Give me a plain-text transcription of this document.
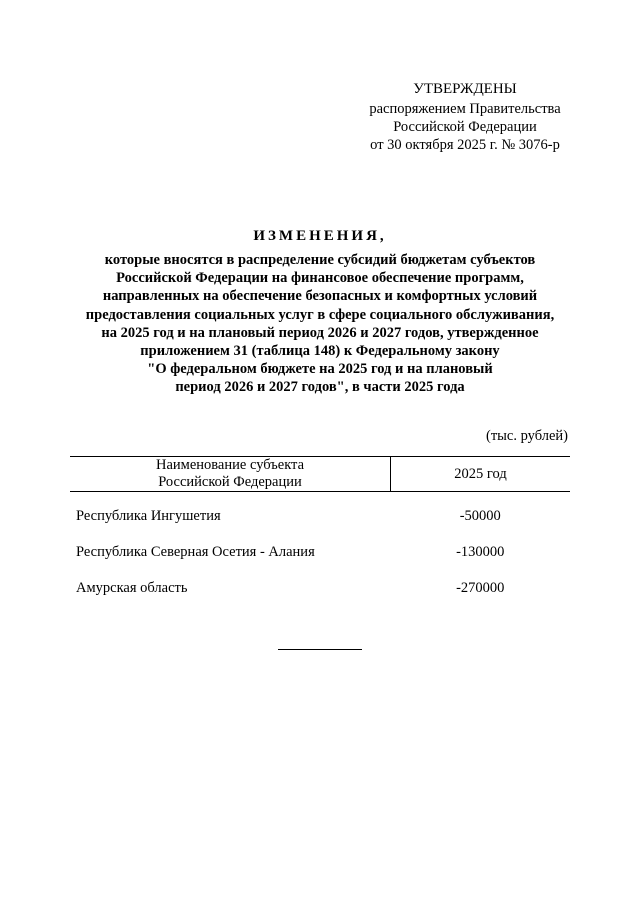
УТВЕРЖДЕНЫ
распоряжением Правительства
Российской Федерации
от 30 октября 2025 г. № 3076-р
ИЗМЕНЕНИЯ,
которые вносятся в распределение субсидий бюджетам субъектов
Российской Федерации на финансовое обеспечение программ,
направленных на обеспечение безопасных и комфортных условий
предоставления социальных услуг в сфере социального обслуживания,
на 2025 год и на плановый период 2026 и 2027 годов, утвержденное
приложением 31 (таблица 148) к Федеральному закону
"О федеральном бюджете на 2025 год и на плановый
период 2026 и 2027 годов", в части 2025 года
(тыс. рублей)
Наименование субъекта
Российской Федерации	2025 год
Республика Ингушетия	-50000
Республика Северная Осетия - Алания	-130000
Амурская область	-270000
